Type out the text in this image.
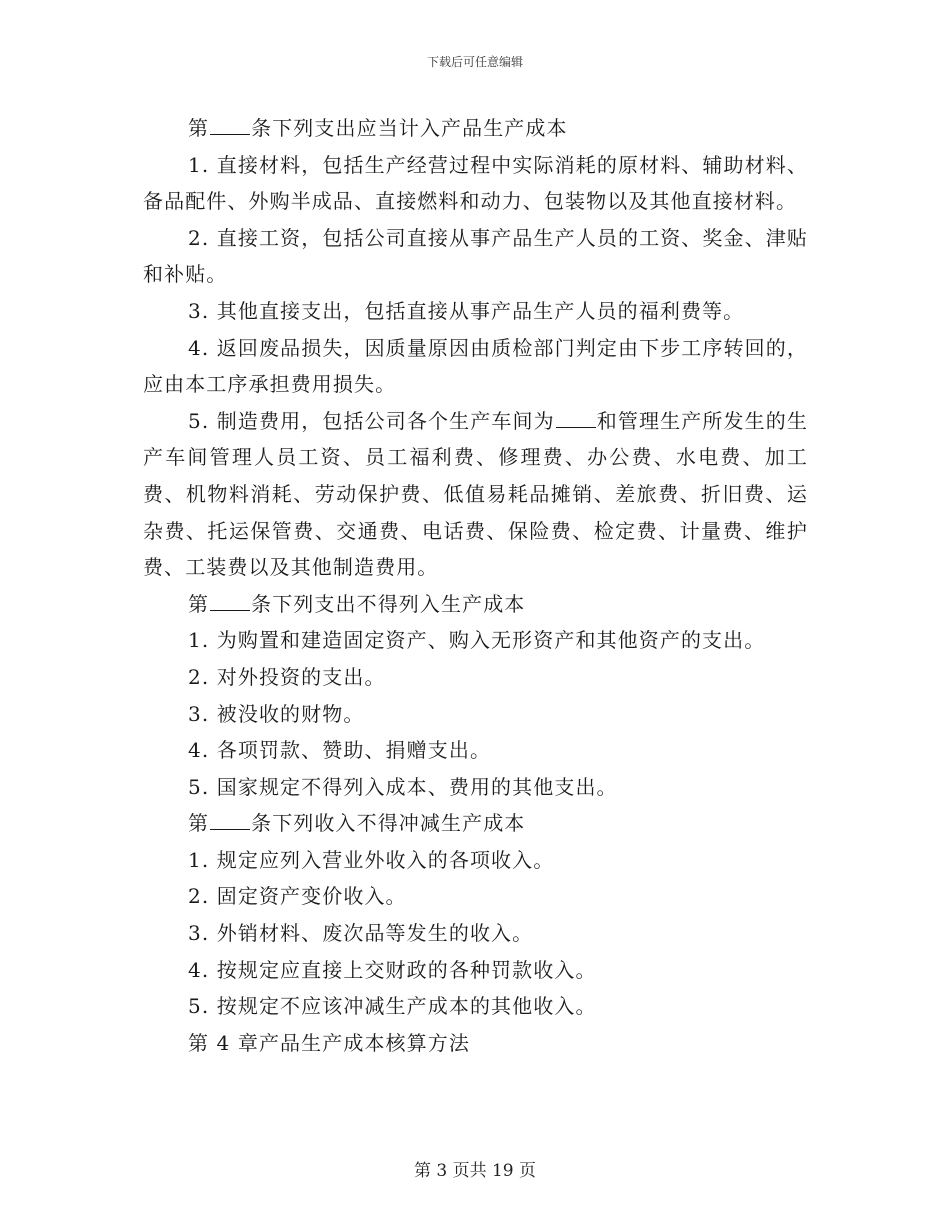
下载后可任意编辑

第 条下列支出应当计入产品生产成本

1. 直接材料，包括生产经营过程中实际消耗的原材料、辅助材料、备品配件、外购半成品、直接燃料和动力、包装物以及其他直接材料。

2. 直接工资，包括公司直接从事产品生产人员的工资、奖金、津贴和补贴。

3. 其他直接支出，包括直接从事产品生产人员的福利费等。

4. 返回废品损失，因质量原因由质检部门判定由下步工序转回的，应由本工序承担费用损失。

5. 制造费用，包括公司各个生产车间为 和管理生产所发生的生产车间管理人员工资、员工福利费、修理费、办公费、水电费、加工费、机物料消耗、劳动保护费、低值易耗品摊销、差旅费、折旧费、运杂费、托运保管费、交通费、电话费、保险费、检定费、计量费、维护费、工装费以及其他制造费用。

第 条下列支出不得列入生产成本

1. 为购置和建造固定资产、购入无形资产和其他资产的支出。

2. 对外投资的支出。

3. 被没收的财物。

4. 各项罚款、赞助、捐赠支出。

5. 国家规定不得列入成本、费用的其他支出。

第 条下列收入不得冲减生产成本

1. 规定应列入营业外收入的各项收入。

2. 固定资产变价收入。

3. 外销材料、废次品等发生的收入。

4. 按规定应直接上交财政的各种罚款收入。

5. 按规定不应该冲减生产成本的其他收入。

第 4 章产品生产成本核算方法

第 3 页共 19 页
